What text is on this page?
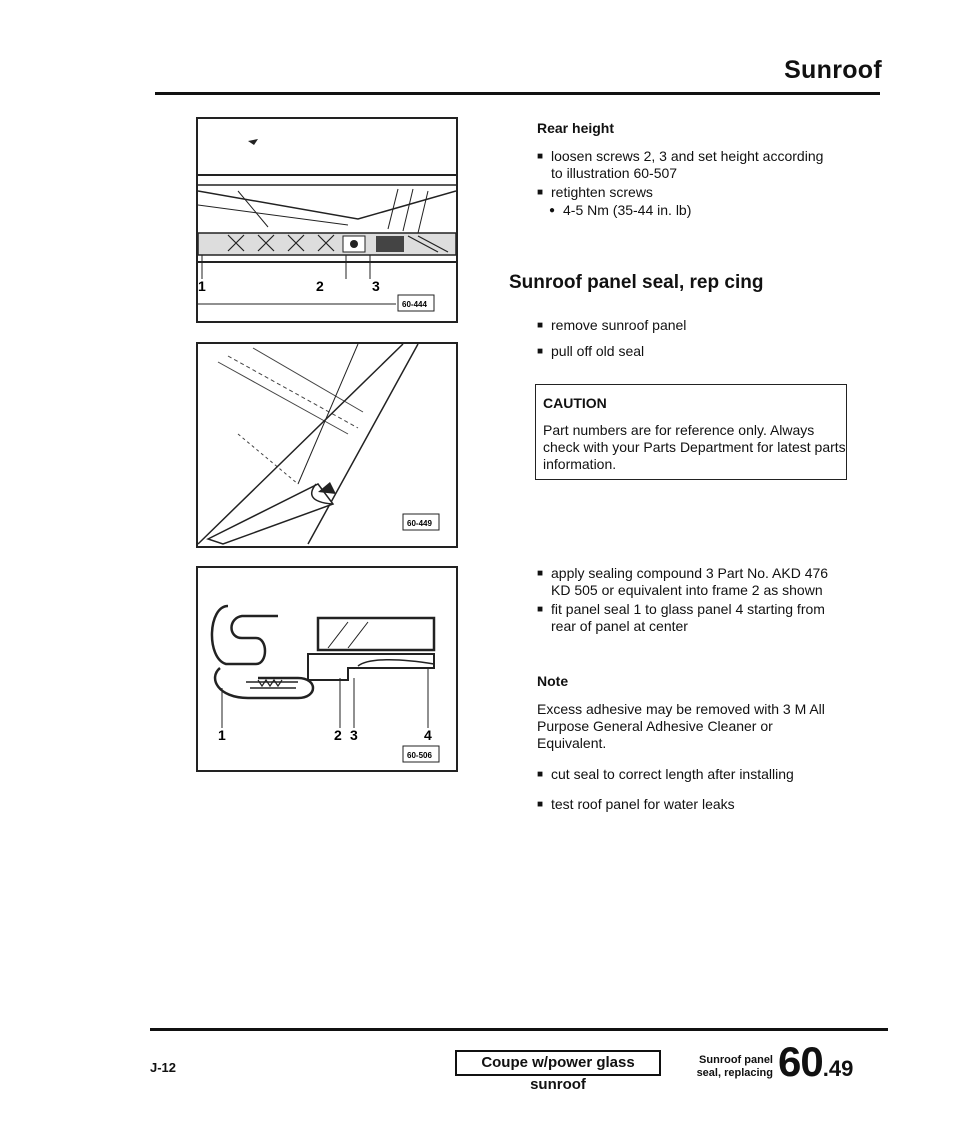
Sunroof
1	2	3
60-444
60-449
1	2 3	4
60-506
Rear height
■ loosen screws 2, 3 and set height according to illustration 60-507
■ retighten screws
● 4-5 Nm (35-44 in. lb)
Sunroof panel seal, rep cing
■ remove sunroof panel
■ pull off old seal
CAUTION
Part numbers are for reference only. Always check with your Parts Department for latest parts information.
■ apply sealing compound 3 Part No. AKD 476 KD 505 or equivalent into frame 2 as shown
■ fit panel seal 1 to glass panel 4 starting from rear of panel at center
Note
Excess adhesive may be removed with 3 M All Purpose General Adhesive Cleaner or Equivalent.
■ cut seal to correct length after installing
■ test roof panel for water leaks
J-12	Coupe w/power glass sunroof
Sunroof panel seal, replacing 60.49
